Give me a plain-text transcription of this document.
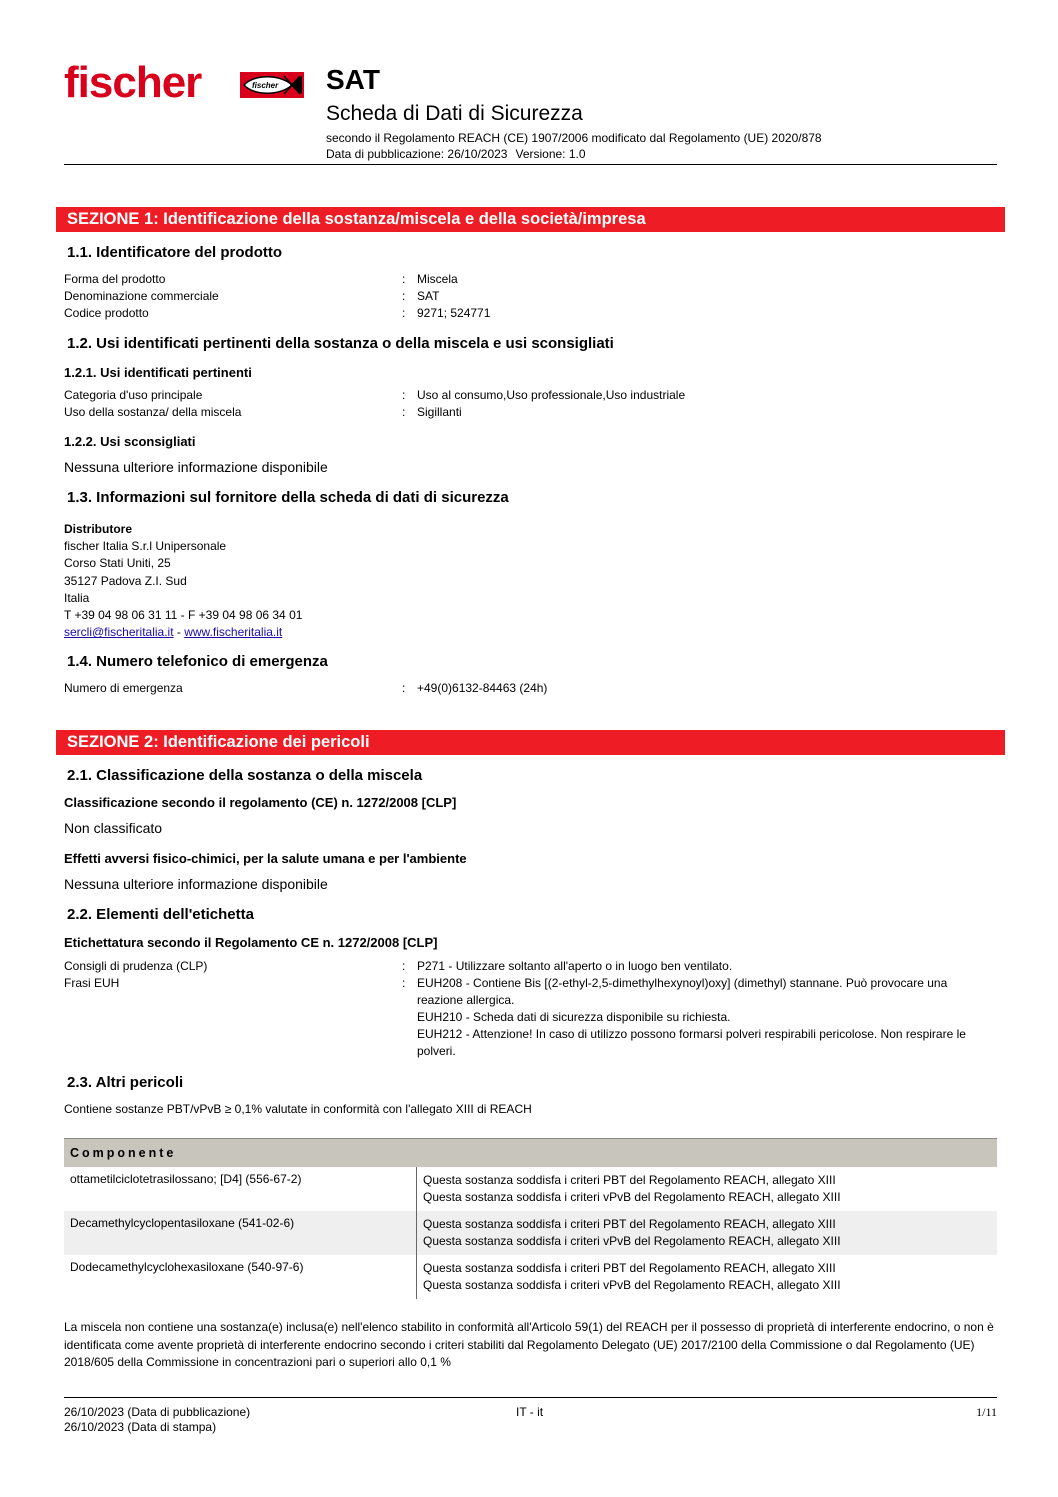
fischer	fischer SAT
Scheda di Dati di Sicurezza
secondo il Regolamento REACH (CE) 1907/2006 modificato dal Regolamento (UE) 2020/878
Data di pubblicazione: 26/10/2023 Versione: 1.0
SEZIONE 1: Identificazione della sostanza/miscela e della società/impresa
1.1. Identificatore del prodotto
Forma del prodotto	: Miscela
Denominazione commerciale	: SAT
Codice prodotto	: 9271; 524771
1.2. Usi identificati pertinenti della sostanza o della miscela e usi sconsigliati
1.2.1. Usi identificati pertinenti
Categoria d'uso principale	: Uso al consumo,Uso professionale,Uso industriale
Uso della sostanza/ della miscela	: Sigillanti
1.2.2. Usi sconsigliati
Nessuna ulteriore informazione disponibile
1.3. Informazioni sul fornitore della scheda di dati di sicurezza
Distributore
fischer Italia S.r.l Unipersonale
Corso Stati Uniti, 25
35127 Padova Z.I. Sud
Italia
T +39 04 98 06 31 11 - F +39 04 98 06 34 01
sercli@fischeritalia.it - www.fischeritalia.it
1.4. Numero telefonico di emergenza
Numero di emergenza	: +49(0)6132-84463 (24h)
SEZIONE 2: Identificazione dei pericoli
2.1. Classificazione della sostanza o della miscela
Classificazione secondo il regolamento (CE) n. 1272/2008 [CLP]
Non classificato
Effetti avversi fisico-chimici, per la salute umana e per l'ambiente
Nessuna ulteriore informazione disponibile
2.2. Elementi dell'etichetta
Etichettatura secondo il Regolamento CE n. 1272/2008 [CLP]
Consigli di prudenza (CLP)	: P271 - Utilizzare soltanto all'aperto o in luogo ben ventilato.
Frasi EUH	: EUH208 - Contiene Bis [(2-ethyl-2,5-dimethylhexynoyl)oxy] (dimethyl) stannane. Può provocare una reazione allergica.
EUH210 - Scheda dati di sicurezza disponibile su richiesta.
EUH212 - Attenzione! In caso di utilizzo possono formarsi polveri respirabili pericolose. Non respirare le polveri.
2.3. Altri pericoli
Contiene sostanze PBT/vPvB ≥ 0,1% valutate in conformità con l'allegato XIII di REACH
Componente
ottametilciclotetrasilossano; [D4] (556-67-2)	Questa sostanza soddisfa i criteri PBT del Regolamento REACH, allegato XIII
Questa sostanza soddisfa i criteri vPvB del Regolamento REACH, allegato XIII
Decamethylcyclopentasiloxane (541-02-6)	Questa sostanza soddisfa i criteri PBT del Regolamento REACH, allegato XIII
Questa sostanza soddisfa i criteri vPvB del Regolamento REACH, allegato XIII
Dodecamethylcyclohexasiloxane (540-97-6)	Questa sostanza soddisfa i criteri PBT del Regolamento REACH, allegato XIII
Questa sostanza soddisfa i criteri vPvB del Regolamento REACH, allegato XIII
La miscela non contiene una sostanza(e) inclusa(e) nell'elenco stabilito in conformità all'Articolo 59(1) del REACH per il possesso di proprietà di interferente endocrino, o non è identificata come avente proprietà di interferente endocrino secondo i criteri stabiliti dal Regolamento Delegato (UE) 2017/2100 della Commissione o dal Regolamento (UE) 2018/605 della Commissione in concentrazioni pari o superiori allo 0,1 %
26/10/2023 (Data di pubblicazione)
26/10/2023 (Data di stampa)
IT - it	1/11
